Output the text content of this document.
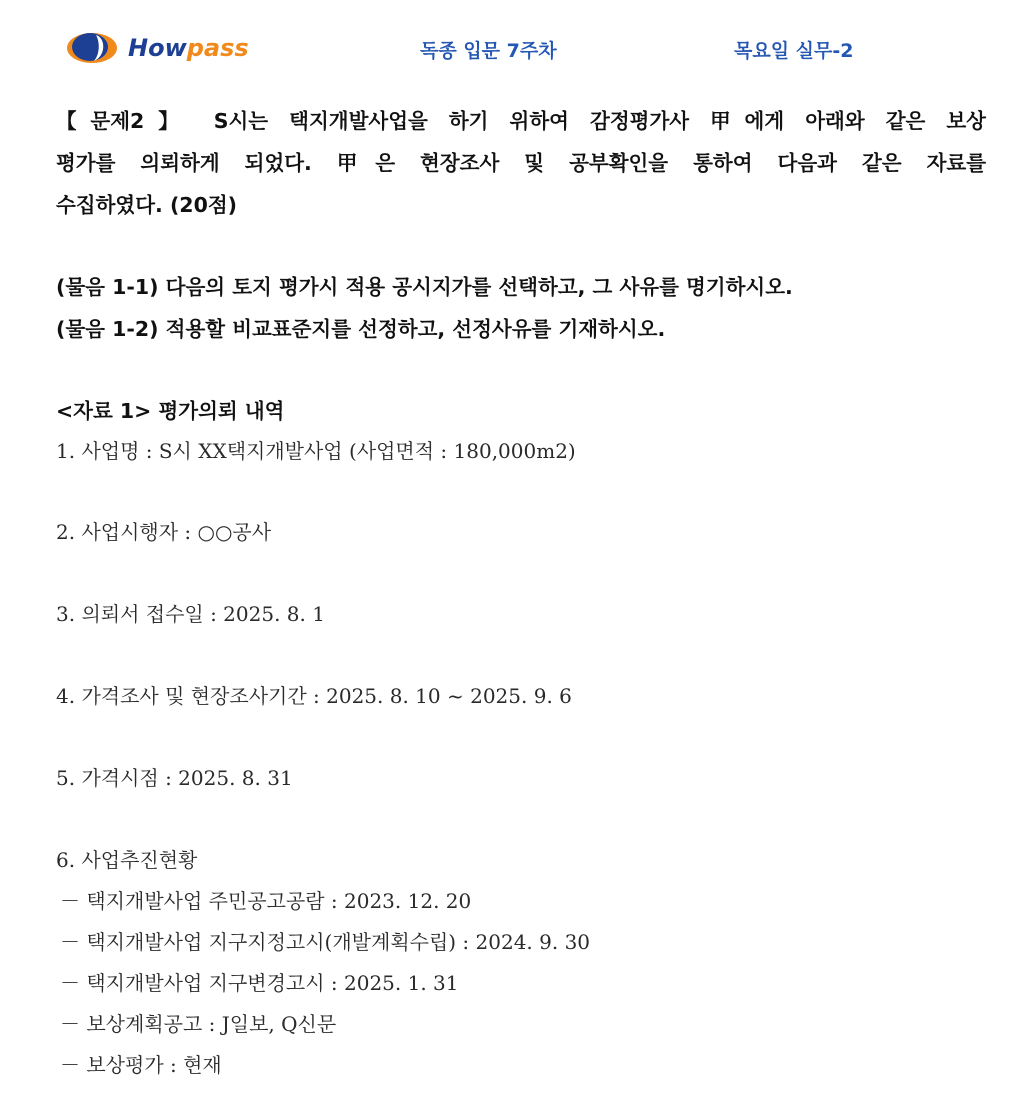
Howpass	독종 입문 7주차	목요일 실무-2
【문제2】 S시는 택지개발사업을 하기 위하여 감정평가사 甲에게 아래와 같은 보상
평가를 의뢰하게 되었다. 甲은 현장조사 및 공부확인을 통하여 다음과 같은 자료를
수집하였다. (20점)
(물음 1-1) 다음의 토지 평가시 적용 공시지가를 선택하고, 그 사유를 명기하시오.
(물음 1-2) 적용할 비교표준지를 선정하고, 선정사유를 기재하시오.
<자료 1> 평가의뢰 내역
1. 사업명 : S시 XX택지개발사업 (사업면적 : 180,000m2)
2. 사업시행자 : ○○공사
3. 의뢰서 접수일 : 2025. 8. 1
4. 가격조사 및 현장조사기간 : 2025. 8. 10 ~ 2025. 9. 6
5. 가격시점 : 2025. 8. 31
6. 사업추진현황
－ 택지개발사업 주민공고공람 : 2023. 12. 20
－ 택지개발사업 지구지정고시(개발계획수립) : 2024. 9. 30
－ 택지개발사업 지구변경고시 : 2025. 1. 31
－ 보상계획공고 : J일보, Q신문
－ 보상평가 : 현재
